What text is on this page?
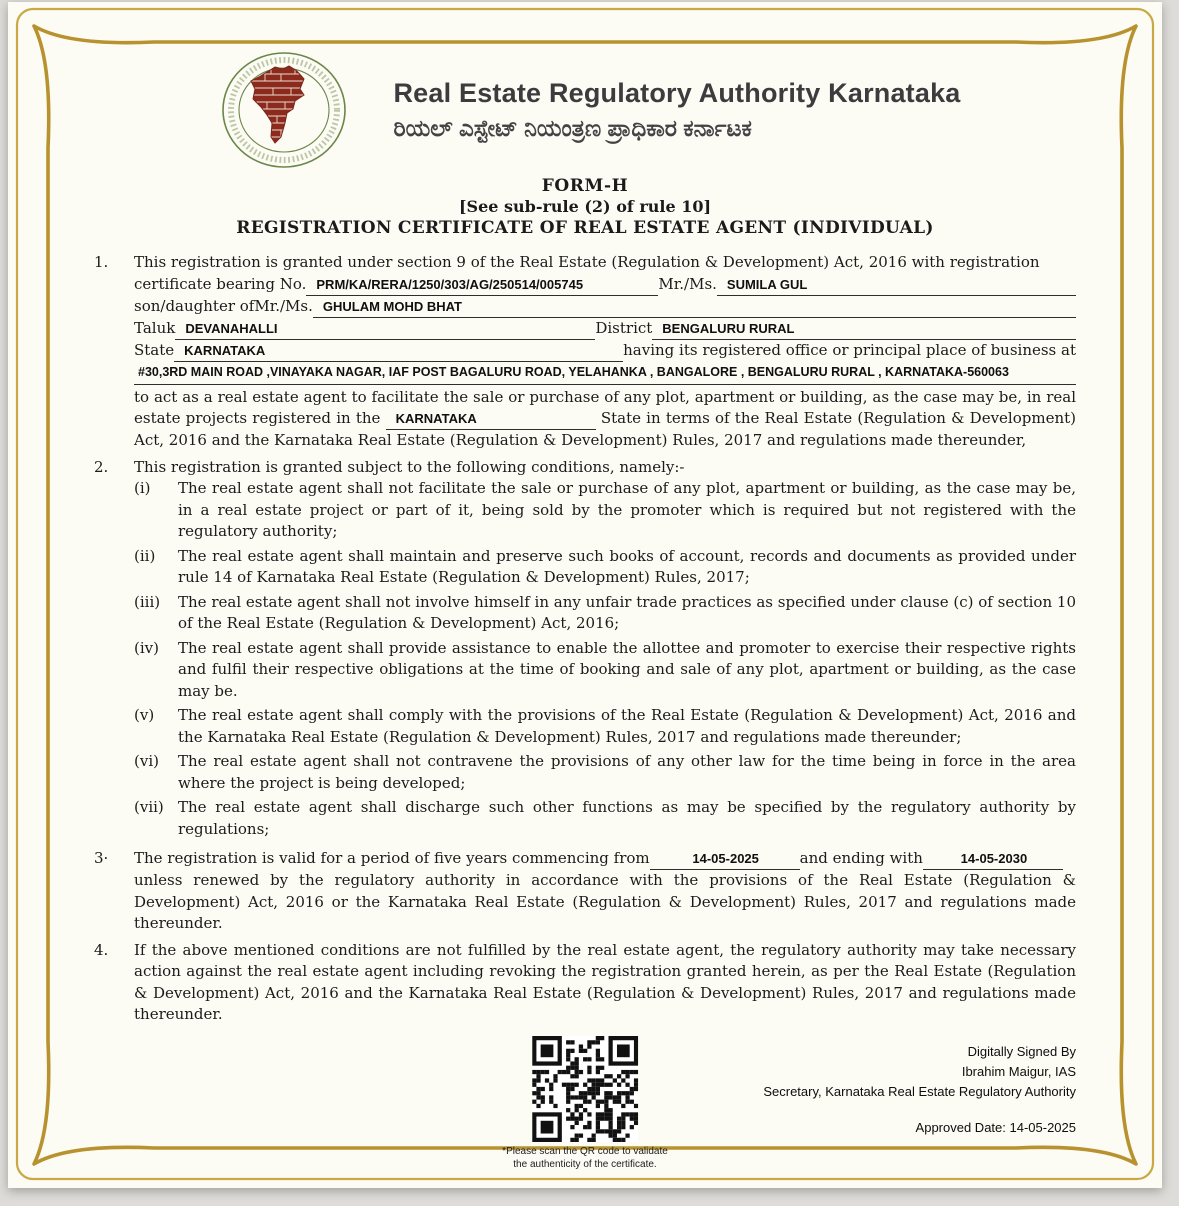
Real Estate Regulatory Authority Karnataka
ರಿಯಲ್ ಎಸ್ಟೇಟ್ ನಿಯಂತ್ರಣ ಪ್ರಾಧಿಕಾರ ಕರ್ನಾಟಕ
FORM-H
[See sub-rule (2) of rule 10]
REGISTRATION CERTIFICATE OF REAL ESTATE AGENT (INDIVIDUAL)
1.	This registration is granted under section 9 of the Real Estate (Regulation & Development) Act, 2016 with registration
certificate bearing No. PRM/KA/RERA/1250/303/AG/250514/005745	Mr./Ms. SUMILA GUL
son/daughter ofMr./Ms. GHULAM MOHD BHAT
Taluk DEVANAHALLI	District BENGALURU RURAL
State KARNATAKA	having its registered office or principal place of business at
#30,3RD MAIN ROAD ,VINAYAKA NAGAR, IAF POST BAGALURU ROAD, YELAHANKA , BANGALORE , BENGALURU RURAL , KARNATAKA-560063
to act as a real estate agent to facilitate the sale or purchase of any plot, apartment or building, as the case may be, in real estate projects registered in the KARNATAKA	State in terms of the Real Estate (Regulation & Development) Act, 2016 and the Karnataka Real Estate (Regulation & Development) Rules, 2017 and regulations made thereunder,
2.	This registration is granted subject to the following conditions, namely:-
(i)	The real estate agent shall not facilitate the sale or purchase of any plot, apartment or building, as the case may be, in a real estate project or part of it, being sold by the promoter which is required but not registered with the regulatory authority;
(ii)	The real estate agent shall maintain and preserve such books of account, records and documents as provided under rule 14 of Karnataka Real Estate (Regulation & Development) Rules, 2017;
(iii)	The real estate agent shall not involve himself in any unfair trade practices as specified under clause (c) of section 10 of the Real Estate (Regulation & Development) Act, 2016;
(iv)	The real estate agent shall provide assistance to enable the allottee and promoter to exercise their respective rights and fulfil their respective obligations at the time of booking and sale of any plot, apartment or building, as the case may be.
(v)	The real estate agent shall comply with the provisions of the Real Estate (Regulation & Development) Act, 2016 and the Karnataka Real Estate (Regulation & Development) Rules, 2017 and regulations made thereunder;
(vi)	The real estate agent shall not contravene the provisions of any other law for the time being in force in the area where the project is being developed;
(vii) The real estate agent shall discharge such other functions as may be specified by the regulatory authority by regulations;
3·	The registration is valid for a period of five years commencing from	14-05-2025	and ending with	14-05-2030
unless renewed by the regulatory authority in accordance with the provisions of the Real Estate (Regulation & Development) Act, 2016 or the Karnataka Real Estate (Regulation & Development) Rules, 2017 and regulations made thereunder.
4.	If the above mentioned conditions are not fulfilled by the real estate agent, the regulatory authority may take necessary action against the real estate agent including revoking the registration granted herein, as per the Real Estate (Regulation & Development) Act, 2016 and the Karnataka Real Estate (Regulation & Development) Rules, 2017 and regulations made thereunder.
*Please scan the QR code to validate
the authenticity of the certificate.
Digitally Signed By
Ibrahim Maigur, IAS
Secretary, Karnataka Real Estate Regulatory Authority
Approved Date: 14-05-2025
